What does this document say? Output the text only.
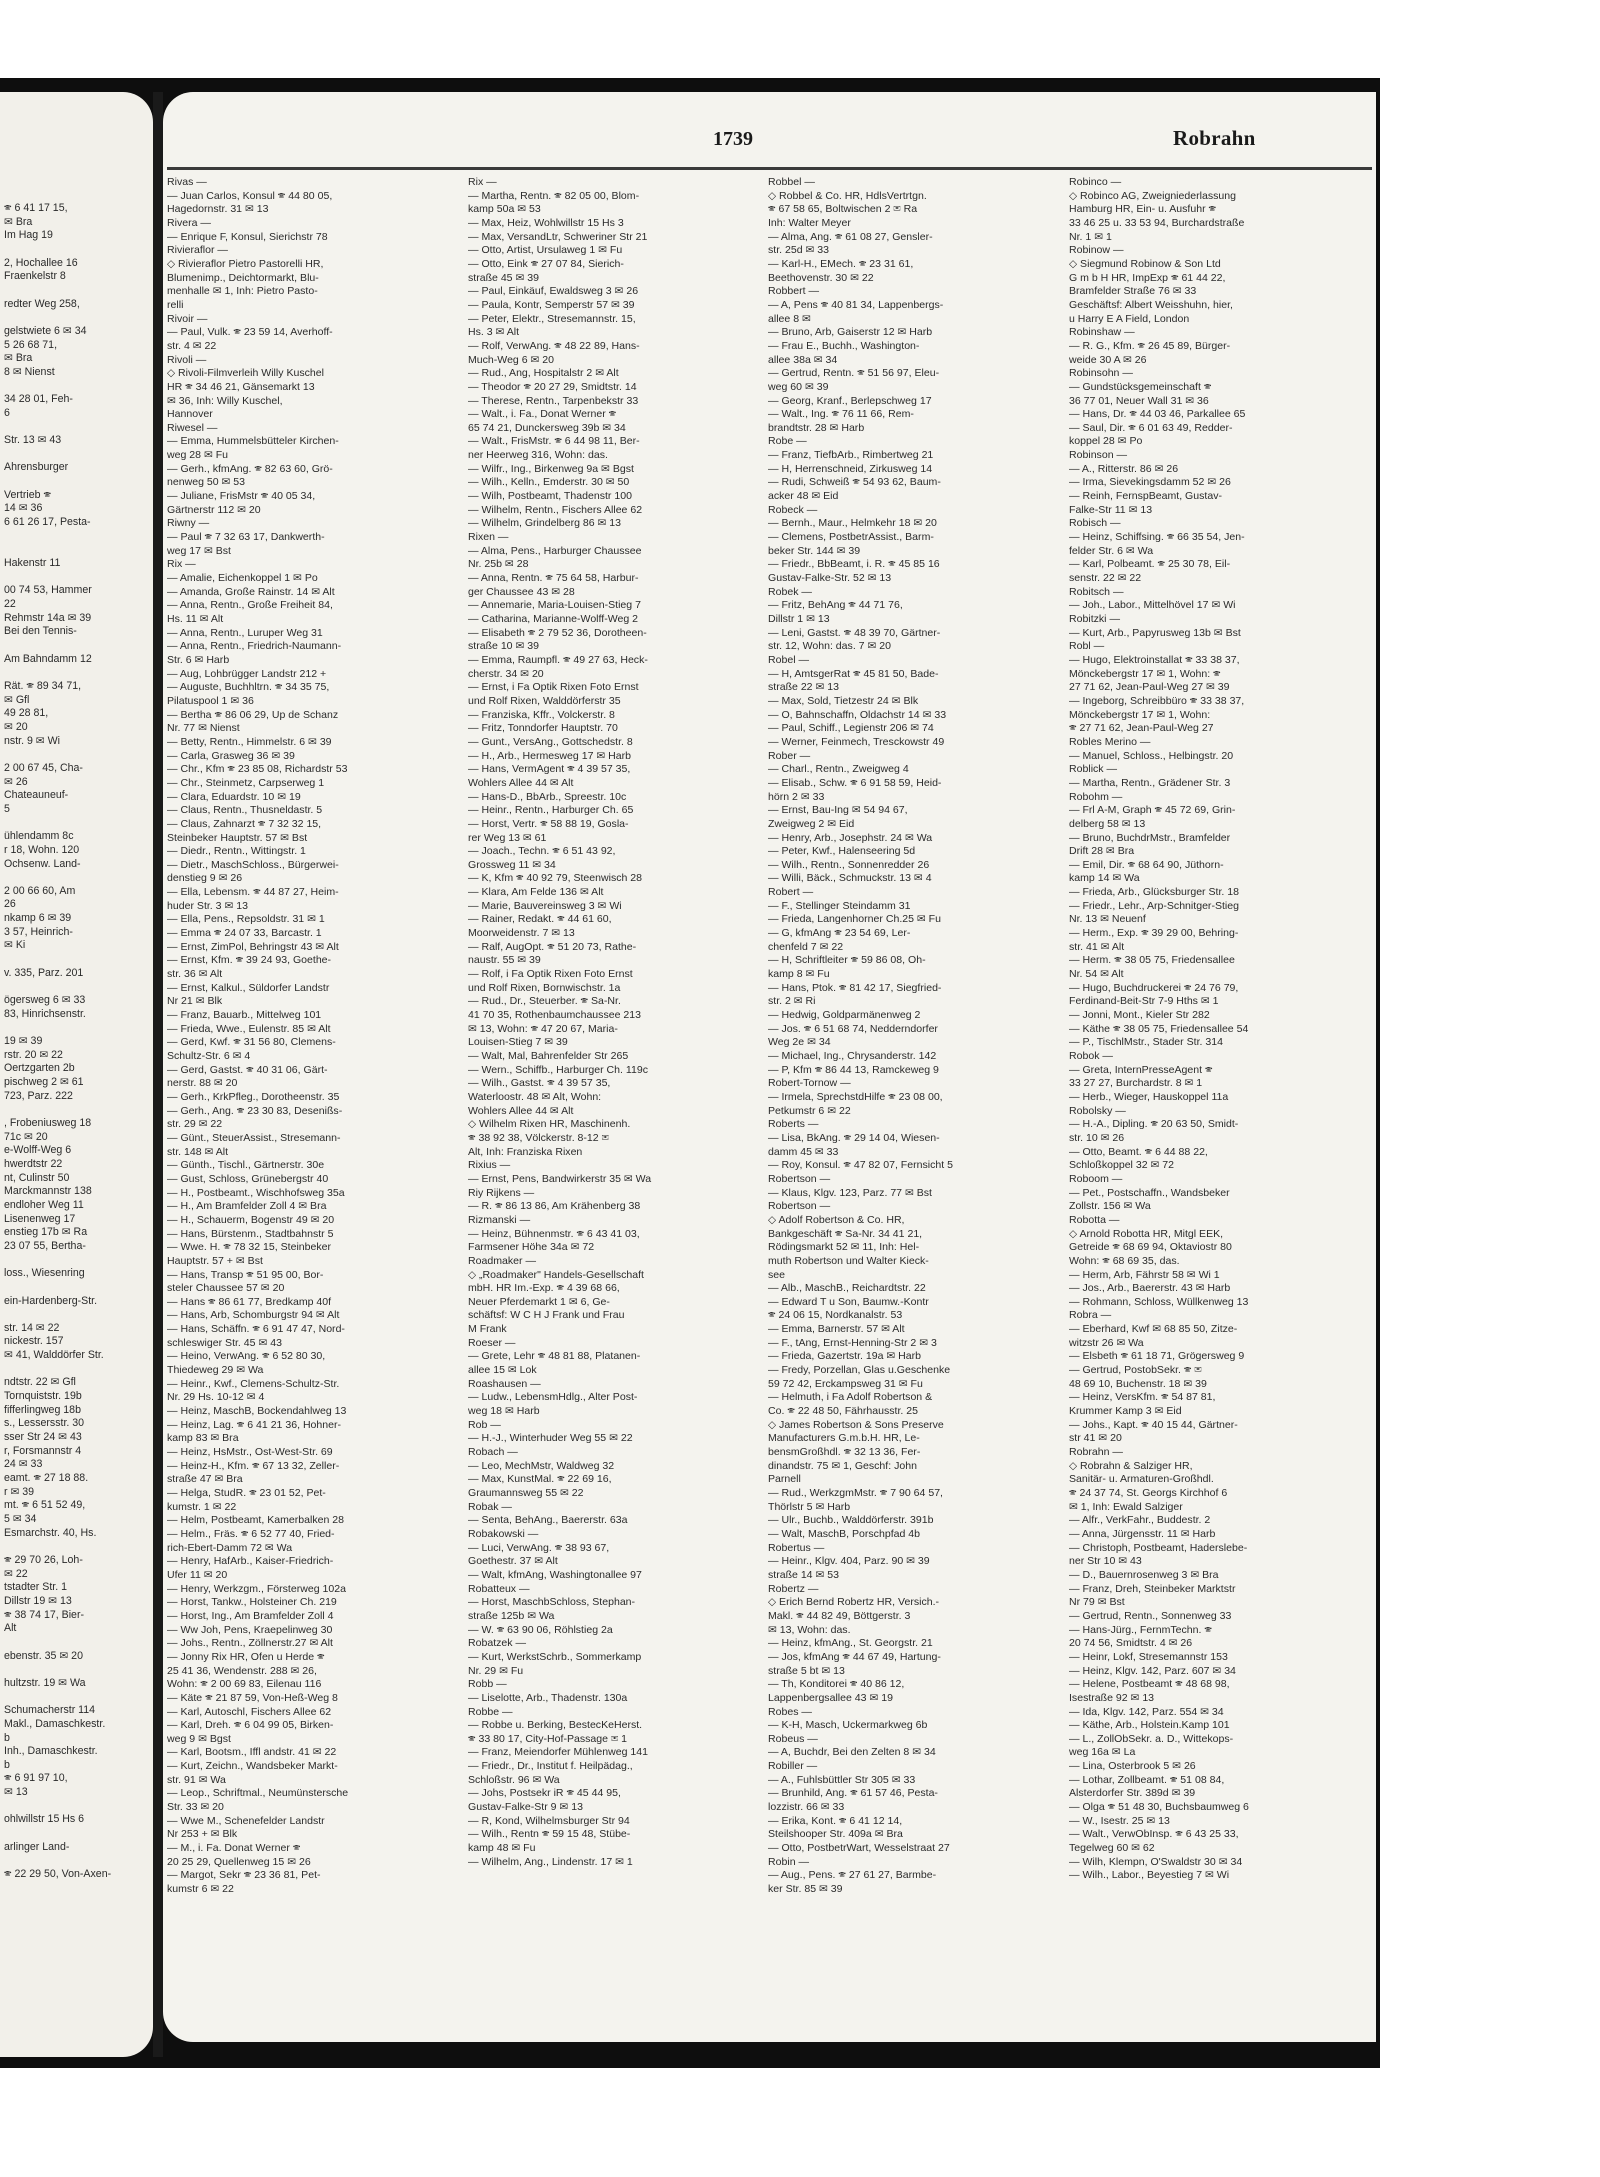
🕾 6 41 17 15,
✉ Bra
Im Hag 19

2, Hochallee 16
Fraenkelstr 8

redter Weg 258,

gelstwiete 6 ✉ 34
5 26 68 71,
✉ Bra
8 ✉ Nienst

34 28 01, Feh-
6

Str. 13 ✉ 43

Ahrensburger

Vertrieb 🕾
14 ✉ 36
6 61 26 17, Pesta-

Hakenstr 11

00 74 53, Hammer
22
Rehmstr 14a ✉ 39
Bei den Tennis-

Am Bahndamm 12

Rät. 🕾 89 34 71,
✉ Gfl
49 28 81,
✉ 20
nstr. 9 ✉ Wi

2 00 67 45, Cha-
✉ 26
Chateauneuf-
5

ühlendamm 8c
r 18, Wohn. 120
Ochsenw. Land-

2 00 66 60, Am
26
nkamp 6 ✉ 39
3 57, Heinrich-
✉ Ki

v. 335, Parz. 201

ögersweg 6 ✉ 33
83, Hinrichsenstr.

19 ✉ 39
rstr. 20 ✉ 22
Oertzgarten 2b
pischweg 2 ✉ 61
723, Parz. 222

, Frobeniusweg 18
71c ✉ 20
e-Wolff-Weg 6
hwerdtstr 22
nt, Culinstr 50
Marckmannstr 138
endloher Weg 11
Lisenenweg 17
enstieg 17b ✉ Ra
23 07 55, Bertha-

loss., Wiesenring

ein-Hardenberg-Str.

str. 14 ✉ 22
nickestr. 157
✉ 41, Walddörfer Str.

ndtstr. 22 ✉ Gfl
Tornquiststr. 19b
fifferlingweg 18b
s., Lessersstr. 30
sser Str 24 ✉ 43
r, Forsmannstr 4
24 ✉ 33
eamt. 🕾 27 18 88.
r ✉ 39
mt. 🕾 6 51 52 49,
5 ✉ 34
Esmarchstr. 40, Hs.

🕾 29 70 26, Loh-
✉ 22
tstadter Str. 1
Dillstr 19 ✉ 13
🕾 38 74 17, Bier-
Alt

ebenstr. 35 ✉ 20

hultzstr. 19 ✉ Wa

Schumacherstr 114
Makl., Damaschkestr.
b
Inh., Damaschkestr.
b
🕾 6 91 97 10,
✉ 13

ohlwillstr 15 Hs 6

arlinger Land-

🕾 22 29 50, Von-Axen-
1739	Robrahn
Rivas —
— Juan Carlos, Konsul 🕾 44 80 05,
Hagedornstr. 31 ✉ 13
Rivera —
— Enrique F, Konsul, Sierichstr 78
Rivieraflor —
◇ Rivieraflor Pietro Pastorelli HR,
Blumenimp., Deichtormarkt, Blu-
menhalle ✉ 1, Inh: Pietro Pasto-
relli
Rivoir —
— Paul, Vulk. 🕾 23 59 14, Averhoff-
str. 4 ✉ 22
Rivoli —
◇ Rivoli-Filmverleih Willy Kuschel
HR 🕾 34 46 21, Gänsemarkt 13
✉ 36, Inh: Willy Kuschel,
Hannover
Riwesel —
— Emma, Hummelsbütteler Kirchen-
weg 28 ✉ Fu
— Gerh., kfmAng. 🕾 82 63 60, Grö-
nenweg 50 ✉ 53
— Juliane, FrisMstr 🕾 40 05 34,
Gärtnerstr 112 ✉ 20
Riwny —
— Paul 🕾 7 32 63 17, Dankwerth-
weg 17 ✉ Bst
Rix —
— Amalie, Eichenkoppel 1 ✉ Po
— Amanda, Große Rainstr. 14 ✉ Alt
— Anna, Rentn., Große Freiheit 84,
Hs. 11 ✉ Alt
— Anna, Rentn., Luruper Weg 31
— Anna, Rentn., Friedrich-Naumann-
Str. 6 ✉ Harb
— Aug, Lohbrügger Landstr 212 +
— Auguste, Buchhltrn. 🕾 34 35 75,
Pilatuspool 1 ✉ 36
— Bertha 🕾 86 06 29, Up de Schanz
Nr. 77 ✉ Nienst
— Betty, Rentn., Himmelstr. 6 ✉ 39
— Carla, Grasweg 36 ✉ 39
— Chr., Kfm 🕾 23 85 08, Richardstr 53
— Chr., Steinmetz, Carpserweg 1
— Clara, Eduardstr. 10 ✉ 19
— Claus, Rentn., Thusneldastr. 5
— Claus, Zahnarzt 🕾 7 32 32 15,
Steinbeker Hauptstr. 57 ✉ Bst
— Diedr., Rentn., Wittingstr. 1
— Dietr., MaschSchloss., Bürgerwei-
denstieg 9 ✉ 26
— Ella, Lebensm. 🕾 44 87 27, Heim-
huder Str. 3 ✉ 13
— Ella, Pens., Repsoldstr. 31 ✉ 1
— Emma 🕾 24 07 33, Barcastr. 1
— Ernst, ZimPol, Behringstr 43 ✉ Alt
— Ernst, Kfm. 🕾 39 24 93, Goethe-
str. 36 ✉ Alt
— Ernst, Kalkul., Süldorfer Landstr
Nr 21 ✉ Blk
— Franz, Bauarb., Mittelweg 101
— Frieda, Wwe., Eulenstr. 85 ✉ Alt
— Gerd, Kwf. 🕾 31 56 80, Clemens-
Schultz-Str. 6 ✉ 4
— Gerd, Gastst. 🕾 40 31 06, Gärt-
nerstr. 88 ✉ 20
— Gerh., KrkPfleg., Dorotheenstr. 35
— Gerh., Ang. 🕾 23 30 83, Desenißs-
str. 29 ✉ 22
— Günt., SteuerAssist., Stresemann-
str. 148 ✉ Alt
— Günth., Tischl., Gärtnerstr. 30e
— Gust, Schloss, Grünebergstr 40
— H., Postbeamt., Wischhofsweg 35a
— H., Am Bramfelder Zoll 4 ✉ Bra
— H., Schauerm, Bogenstr 49 ✉ 20
— Hans, Bürstenm., Stadtbahnstr 5
— Wwe. H. 🕾 78 32 15, Steinbeker
Hauptstr. 57 + ✉ Bst
— Hans, Transp 🕾 51 95 00, Bor-
steler Chaussee 57 ✉ 20
— Hans 🕾 86 61 77, Bredkamp 40f
— Hans, Arb, Schomburgstr 94 ✉ Alt
— Hans, Schäffn. 🕾 6 91 47 47, Nord-
schleswiger Str. 45 ✉ 43
— Heino, VerwAng. 🕾 6 52 80 30,
Thiedeweg 29 ✉ Wa
— Heinr., Kwf., Clemens-Schultz-Str.
Nr. 29 Hs. 10-12 ✉ 4
— Heinz, MaschB, Bockendahlweg 13
— Heinz, Lag. 🕾 6 41 21 36, Hohner-
kamp 83 ✉ Bra
— Heinz, HsMstr., Ost-West-Str. 69
— Heinz-H., Kfm. 🕾 67 13 32, Zeller-
straße 47 ✉ Bra
— Helga, StudR. 🕾 23 01 52, Pet-
kumstr. 1 ✉ 22
— Helm, Postbeamt, Kamerbalken 28
— Helm., Fräs. 🕾 6 52 77 40, Fried-
rich-Ebert-Damm 72 ✉ Wa
— Henry, HafArb., Kaiser-Friedrich-
Ufer 11 ✉ 20
— Henry, Werkzgm., Försterweg 102a
— Horst, Tankw., Holsteiner Ch. 219
— Horst, Ing., Am Bramfelder Zoll 4
— Ww Joh, Pens, Kraepelinweg 30
— Johs., Rentn., Zöllnerstr.27 ✉ Alt
— Jonny Rix HR, Ofen u Herde 🕾
25 41 36, Wendenstr. 288 ✉ 26,
Wohn: 🕾 2 00 69 83, Eilenau 116
— Käte 🕾 21 87 59, Von-Heß-Weg 8
— Karl, Autoschl, Fischers Allee 62
— Karl, Dreh. 🕾 6 04 99 05, Birken-
weg 9 ✉ Bgst
— Karl, Bootsm., Iffl andstr. 41 ✉ 22
— Kurt, Zeichn., Wandsbeker Markt-
str. 91 ✉ Wa
— Leop., Schriftmal., Neumünstersche
Str. 33 ✉ 20
— Wwe M., Schenefelder Landstr
Nr 253 + ✉ Blk
— M., i. Fa. Donat Werner 🕾
20 25 29, Quellenweg 15 ✉ 26
— Margot, Sekr 🕾 23 36 81, Pet-
kumstr 6 ✉ 22
Rix —
— Martha, Rentn. 🕾 82 05 00, Blom-
kamp 50a ✉ 53
— Max, Heiz, Wohlwillstr 15 Hs 3
— Max, VersandLtr, Schweriner Str 21
— Otto, Artist, Ursulaweg 1 ✉ Fu
— Otto, Eink 🕾 27 07 84, Sierich-
straße 45 ✉ 39
— Paul, Einkäuf, Ewaldsweg 3 ✉ 26
— Paula, Kontr, Semperstr 57 ✉ 39
— Peter, Elektr., Stresemannstr. 15,
Hs. 3 ✉ Alt
— Rolf, VerwAng. 🕾 48 22 89, Hans-
Much-Weg 6 ✉ 20
— Rud., Ang, Hospitalstr 2 ✉ Alt
— Theodor 🕾 20 27 29, Smidtstr. 14
— Therese, Rentn., Tarpenbekstr 33
— Walt., i. Fa., Donat Werner 🕾
65 74 21, Dunckersweg 39b ✉ 34
— Walt., FrisMstr. 🕾 6 44 98 11, Ber-
ner Heerweg 316, Wohn: das.
— Wilfr., Ing., Birkenweg 9a ✉ Bgst
— Wilh., Kelln., Emderstr. 30 ✉ 50
— Wilh, Postbeamt, Thadenstr 100
— Wilhelm, Rentn., Fischers Allee 62
— Wilhelm, Grindelberg 86 ✉ 13
Rixen —
— Alma, Pens., Harburger Chaussee
Nr. 25b ✉ 28
— Anna, Rentn. 🕾 75 64 58, Harbur-
ger Chaussee 43 ✉ 28
— Annemarie, Maria-Louisen-Stieg 7
— Catharina, Marianne-Wolff-Weg 2
— Elisabeth 🕾 2 79 52 36, Dorotheen-
straße 10 ✉ 39
— Emma, Raumpfl. 🕾 49 27 63, Heck-
cherstr. 34 ✉ 20
— Ernst, i Fa Optik Rixen Foto Ernst
und Rolf Rixen, Walddörferstr 35
— Franziska, Kffr., Volckerstr. 8
— Fritz, Tonndorfer Hauptstr. 70
— Gunt., VersAng., Gottschedstr. 8
— H., Arb., Hermesweg 17 ✉ Harb
— Hans, VermAgent 🕾 4 39 57 35,
Wohlers Allee 44 ✉ Alt
— Hans-D., BbArb., Spreestr. 10c
— Heinr., Rentn., Harburger Ch. 65
— Horst, Vertr. 🕾 58 88 19, Gosla-
rer Weg 13 ✉ 61
— Joach., Techn. 🕾 6 51 43 92,
Grossweg 11 ✉ 34
— K, Kfm 🕾 40 92 79, Steenwisch 28
— Klara, Am Felde 136 ✉ Alt
— Marie, Bauvereinsweg 3 ✉ Wi
— Rainer, Redakt. 🕾 44 61 60,
Moorweidenstr. 7 ✉ 13
— Ralf, AugOpt. 🕾 51 20 73, Rathe-
naustr. 55 ✉ 39
— Rolf, i Fa Optik Rixen Foto Ernst
und Rolf Rixen, Bornwischstr. 1a
— Rud., Dr., Steuerber. 🕾 Sa-Nr.
41 70 35, Rothenbaumchaussee 213
✉ 13, Wohn: 🕾 47 20 67, Maria-
Louisen-Stieg 7 ✉ 39
— Walt, Mal, Bahrenfelder Str 265
— Wern., Schiffb., Harburger Ch. 119c
— Wilh., Gastst. 🕾 4 39 57 35,
Waterloostr. 48 ✉ Alt, Wohn:
Wohlers Allee 44 ✉ Alt
◇ Wilhelm Rixen HR, Maschinenh.
🕾 38 92 38, Völckerstr. 8-12 ✉
Alt, Inh: Franziska Rixen
Rixius —
— Ernst, Pens, Bandwirkerstr 35 ✉ Wa
Riy Rijkens —
— R. 🕾 86 13 86, Am Krähenberg 38
Rizmanski —
— Heinz, Bühnenmstr. 🕾 6 43 41 03,
Farmsener Höhe 34a ✉ 72
Roadmaker —
◇ „Roadmaker" Handels-Gesellschaft
mbH. HR Im.-Exp. 🕾 4 39 68 66,
Neuer Pferdemarkt 1 ✉ 6, Ge-
schäftsf: W C H J Frank und Frau
M Frank
Roeser —
— Grete, Lehr 🕾 48 81 88, Platanen-
allee 15 ✉ Lok
Roashausen —
— Ludw., LebensmHdlg., Alter Post-
weg 18 ✉ Harb
Rob —
— H.-J., Winterhuder Weg 55 ✉ 22
Robach —
— Leo, MechMstr, Waldweg 32
— Max, KunstMal. 🕾 22 69 16,
Graumannsweg 55 ✉ 22
Robak —
— Senta, BehAng., Baererstr. 63a
Robakowski —
— Luci, VerwAng. 🕾 38 93 67,
Goethestr. 37 ✉ Alt
— Walt, kfmAng, Washingtonallee 97
Robatteux —
— Horst, MaschbSchloss, Stephan-
straße 125b ✉ Wa
— W. 🕾 63 90 06, Röhlstieg 2a
Robatzek —
— Kurt, WerkstSchrb., Sommerkamp
Nr. 29 ✉ Fu
Robb —
— Liselotte, Arb., Thadenstr. 130a
Robbe —
— Robbe u. Berking, BestecKeHerst.
🕾 33 80 17, City-Hof-Passage ✉ 1
— Franz, Meiendorfer Mühlenweg 141
— Friedr., Dr., Institut f. Heilpädag.,
Schloßstr. 96 ✉ Wa
— Johs, Postsekr iR 🕾 45 44 95,
Gustav-Falke-Str 9 ✉ 13
— R, Kond, Wilhelmsburger Str 94
— Wilh., Rentn 🕾 59 15 48, Stübe-
kamp 48 ✉ Fu
— Wilhelm, Ang., Lindenstr. 17 ✉ 1
Robbel —
◇ Robbel & Co. HR, HdlsVertrtgn.
🕾 67 58 65, Boltwischen 2 ✉ Ra
Inh: Walter Meyer
— Alma, Ang. 🕾 61 08 27, Gensler-
str. 25d ✉ 33
— Karl-H., EMech. 🕾 23 31 61,
Beethovenstr. 30 ✉ 22
Robbert —
— A, Pens 🕾 40 81 34, Lappenbergs-
allee 8 ✉
— Bruno, Arb, Gaiserstr 12 ✉ Harb
— Frau E., Buchh., Washington-
allee 38a ✉ 34
— Gertrud, Rentn. 🕾 51 56 97, Eleu-
weg 60 ✉ 39
— Georg, Kranf., Berlepschweg 17
— Walt., Ing. 🕾 76 11 66, Rem-
brandtstr. 28 ✉ Harb
Robe —
— Franz, TiefbArb., Rimbertweg 21
— H, Herrenschneid, Zirkusweg 14
— Rudi, Schweiß 🕾 54 93 62, Baum-
acker 48 ✉ Eid
Robeck —
— Bernh., Maur., Helmkehr 18 ✉ 20
— Clemens, PostbetrAssist., Barm-
beker Str. 144 ✉ 39
— Friedr., BbBeamt, i. R. 🕾 45 85 16
Gustav-Falke-Str. 52 ✉ 13
Robek —
— Fritz, BehAng 🕾 44 71 76,
Dillstr 1 ✉ 13
— Leni, Gastst. 🕾 48 39 70, Gärtner-
str. 12, Wohn: das. 7 ✉ 20
Robel —
— H, AmtsgerRat 🕾 45 81 50, Bade-
straße 22 ✉ 13
— Max, Sold, Tietzestr 24 ✉ Blk
— O, Bahnschaffn, Oldachstr 14 ✉ 33
— Paul, Schiff., Legienstr 206 ✉ 74
— Werner, Feinmech, Tresckowstr 49
Rober —
— Charl., Rentn., Zweigweg 4
— Elisab., Schw. 🕾 6 91 58 59, Heid-
hörn 2 ✉ 33
— Ernst, Bau-Ing ✉ 54 94 67,
Zweigweg 2 ✉ Eid
— Henry, Arb., Josephstr. 24 ✉ Wa
— Peter, Kwf., Halenseering 5d
— Wilh., Rentn., Sonnenredder 26
— Willi, Bäck., Schmuckstr. 13 ✉ 4
Robert —
— F., Stellinger Steindamm 31
— Frieda, Langenhorner Ch.25 ✉ Fu
— G, kfmAng 🕾 23 54 69, Ler-
chenfeld 7 ✉ 22
— H, Schriftleiter 🕾 59 86 08, Oh-
kamp 8 ✉ Fu
— Hans, Ptok. 🕾 81 42 17, Siegfried-
str. 2 ✉ Ri
— Hedwig, Goldparmänenweg 2
— Jos. 🕾 6 51 68 74, Nedderndorfer
Weg 2e ✉ 34
— Michael, Ing., Chrysanderstr. 142
— P, Kfm 🕾 86 44 13, Ramckeweg 9
Robert-Tornow —
— Irmela, SprechstdHilfe 🕾 23 08 00,
Petkumstr 6 ✉ 22
Roberts —
— Lisa, BkAng. 🕾 29 14 04, Wiesen-
damm 45 ✉ 33
— Roy, Konsul. 🕾 47 82 07, Fernsicht 5
Robertson —
— Klaus, Klgv. 123, Parz. 77 ✉ Bst
Robertson —
◇ Adolf Robertson & Co. HR,
Bankgeschäft 🕾 Sa-Nr. 34 41 21,
Rödingsmarkt 52 ✉ 11, Inh: Hel-
muth Robertson und Walter Kieck-
see
— Alb., MaschB., Reichardtstr. 22
— Edward T u Son, Baumw.-Kontr
🕾 24 06 15, Nordkanalstr. 53
— Emma, Barnerstr. 57 ✉ Alt
— F., tAng, Ernst-Henning-Str 2 ✉ 3
— Frieda, Gazertstr. 19a ✉ Harb
— Fredy, Porzellan, Glas u.Geschenke
59 72 42, Erckampsweg 31 ✉ Fu
— Helmuth, i Fa Adolf Robertson &
Co. 🕾 22 48 50, Fährhausstr. 25
◇ James Robertson & Sons Preserve
Manufacturers G.m.b.H. HR, Le-
bensmGroßhdl. 🕾 32 13 36, Fer-
dinandstr. 75 ✉ 1, Geschf: John
Parnell
— Rud., WerkzgmMstr. 🕾 7 90 64 57,
Thörlstr 5 ✉ Harb
— Ulr., Buchb., Walddörferstr. 391b
— Walt, MaschB, Porschpfad 4b
Robertus —
— Heinr., Klgv. 404, Parz. 90 ✉ 39
straße 14 ✉ 53
Robertz —
◇ Erich Bernd Robertz HR, Versich.-
Makl. 🕾 44 82 49, Böttgerstr. 3
✉ 13, Wohn: das.
— Heinz, kfmAng., St. Georgstr. 21
— Jos, kfmAng 🕾 44 67 49, Hartung-
straße 5 bt ✉ 13
— Th, Konditorei 🕾 40 86 12,
Lappenbergsallee 43 ✉ 19
Robes —
— K-H, Masch, Uckermarkweg 6b
Robeus —
— A, Buchdr, Bei den Zelten 8 ✉ 34
Robiller —
— A., Fuhlsbüttler Str 305 ✉ 33
— Brunhild, Ang. 🕾 61 57 46, Pesta-
lozzistr. 66 ✉ 33
— Erika, Kont. 🕾 6 41 12 14,
Steilshooper Str. 409a ✉ Bra
— Otto, PostbetrWart, Wesselstraat 27
Robin —
— Aug., Pens. 🕾 27 61 27, Barmbe-
ker Str. 85 ✉ 39
Robinco —
◇ Robinco AG, Zweigniederlassung
Hamburg HR, Ein- u. Ausfuhr 🕾
33 46 25 u. 33 53 94, Burchardstraße
Nr. 1 ✉ 1
Robinow —
◇ Siegmund Robinow & Son Ltd
G m b H HR, ImpExp 🕾 61 44 22,
Bramfelder Straße 76 ✉ 33
Geschäftsf: Albert Weisshuhn, hier,
u Harry E A Field, London
Robinshaw —
— R. G., Kfm. 🕾 26 45 89, Bürger-
weide 30 A ✉ 26
Robinsohn —
— Gundstücksgemeinschaft 🕾
36 77 01, Neuer Wall 31 ✉ 36
— Hans, Dr. 🕾 44 03 46, Parkallee 65
— Saul, Dir. 🕾 6 01 63 49, Redder-
koppel 28 ✉ Po
Robinson —
— A., Ritterstr. 86 ✉ 26
— Irma, Sievekingsdamm 52 ✉ 26
— Reinh, FernspBeamt, Gustav-
Falke-Str 11 ✉ 13
Robisch —
— Heinz, Schiffsing. 🕾 66 35 54, Jen-
felder Str. 6 ✉ Wa
— Karl, Polbeamt. 🕾 25 30 78, Eil-
senstr. 22 ✉ 22
Robitsch —
— Joh., Labor., Mittelhövel 17 ✉ Wi
Robitzki —
— Kurt, Arb., Papyrusweg 13b ✉ Bst
Robl —
— Hugo, Elektroinstallat 🕾 33 38 37,
Mönckebergstr 17 ✉ 1, Wohn: 🕾
27 71 62, Jean-Paul-Weg 27 ✉ 39
— Ingeborg, Schreibbüro 🕾 33 38 37,
Mönckebergstr 17 ✉ 1, Wohn:
🕾 27 71 62, Jean-Paul-Weg 27
Robles Merino —
— Manuel, Schloss., Helbingstr. 20
Roblick —
— Martha, Rentn., Grädener Str. 3
Robohm —
— Frl A-M, Graph 🕾 45 72 69, Grin-
delberg 58 ✉ 13
— Bruno, BuchdrMstr., Bramfelder
Drift 28 ✉ Bra
— Emil, Dir. 🕾 68 64 90, Jüthorn-
kamp 14 ✉ Wa
— Frieda, Arb., Glücksburger Str. 18
— Friedr., Lehr., Arp-Schnitger-Stieg
Nr. 13 ✉ Neuenf
— Herm., Exp. 🕾 39 29 00, Behring-
str. 41 ✉ Alt
— Herm. 🕾 38 05 75, Friedensallee
Nr. 54 ✉ Alt
— Hugo, Buchdruckerei 🕾 24 76 79,
Ferdinand-Beit-Str 7-9 Hths ✉ 1
— Jonni, Mont., Kieler Str 282
— Käthe 🕾 38 05 75, Friedensallee 54
— P., TischlMstr., Stader Str. 314
Robok —
— Greta, InternPresseAgent 🕾
33 27 27, Burchardstr. 8 ✉ 1
— Herb., Wieger, Hauskoppel 11a
Robolsky —
— H.-A., Dipling. 🕾 20 63 50, Smidt-
str. 10 ✉ 26
— Otto, Beamt. 🕾 6 44 88 22,
Schloßkoppel 32 ✉ 72
Roboom —
— Pet., Postschaffn., Wandsbeker
Zollstr. 156 ✉ Wa
Robotta —
◇ Arnold Robotta HR, Mitgl EEK,
Getreide 🕾 68 69 94, Oktaviostr 80
Wohn: 🕾 68 69 35, das.
— Herm, Arb, Fährstr 58 ✉ Wi 1
— Jos., Arb., Baererstr. 43 ✉ Harb
— Rohmann, Schloss, Wüllkenweg 13
Robra —
— Eberhard, Kwf ✉ 68 85 50, Zitze-
witzstr 26 ✉ Wa
— Elsbeth 🕾 61 18 71, Grögersweg 9
— Gertrud, PostobSekr. 🕾 ✉
48 69 10, Buchenstr. 18 ✉ 39
— Heinz, VersKfm. 🕾 54 87 81,
Krummer Kamp 3 ✉ Eid
— Johs., Kapt. 🕾 40 15 44, Gärtner-
str 41 ✉ 20
Robrahn —
◇ Robrahn & Salziger HR,
Sanitär- u. Armaturen-Großhdl.
🕾 24 37 74, St. Georgs Kirchhof 6
✉ 1, Inh: Ewald Salziger
— Alfr., VerkFahr., Buddestr. 2
— Anna, Jürgensstr. 11 ✉ Harb
— Christoph, Postbeamt, Haderslebe-
ner Str 10 ✉ 43
— D., Bauernrosenweg 3 ✉ Bra
— Franz, Dreh, Steinbeker Marktstr
Nr 79 ✉ Bst
— Gertrud, Rentn., Sonnenweg 33
— Hans-Jürg., FernmTechn. 🕾
20 74 56, Smidtstr. 4 ✉ 26
— Heinr, Lokf, Stresemannstr 153
— Heinz, Klgv. 142, Parz. 607 ✉ 34
— Helene, Postbeamt 🕾 48 68 98,
Isestraße 92 ✉ 13
— Ida, Klgv. 142, Parz. 554 ✉ 34
— Käthe, Arb., Holstein.Kamp 101
— L., ZollObSekr. a. D., Wittekops-
weg 16a ✉ La
— Lina, Osterbrook 5 ✉ 26
— Lothar, Zollbeamt. 🕾 51 08 84,
Alsterdorfer Str. 389d ✉ 39
— Olga 🕾 51 48 30, Buchsbaumweg 6
— W., Isestr. 25 ✉ 13
— Walt., VerwObInsp. 🕾 6 43 25 33,
Tegelweg 60 ✉ 62
— Wilh, Klempn, O'Swaldstr 30 ✉ 34
— Wilh., Labor., Beyestieg 7 ✉ Wi
